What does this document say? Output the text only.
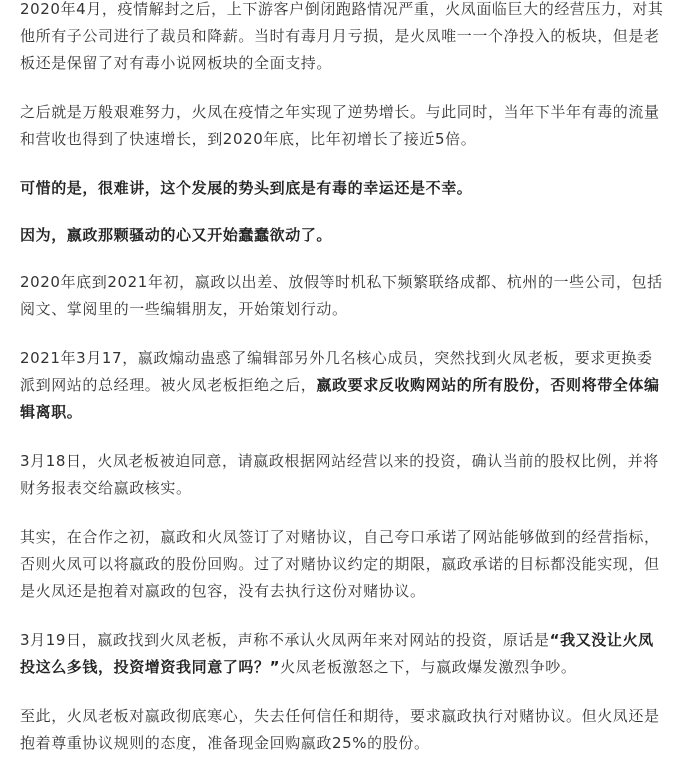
2020年4月，疫情解封之后，上下游客户倒闭跑路情况严重，火凤面临巨大的经营压力，对其他所有子公司进行了裁员和降薪。当时有毒月月亏损，是火凤唯一一个净投入的板块，但是老板还是保留了对有毒小说网板块的全面支持。

之后就是万般艰难努力，火凤在疫情之年实现了逆势增长。与此同时，当年下半年有毒的流量和营收也得到了快速增长，到2020年底，比年初增长了接近5倍。

可惜的是，很难讲，这个发展的势头到底是有毒的幸运还是不幸。

因为，嬴政那颗骚动的心又开始蠢蠢欲动了。

2020年底到2021年初，嬴政以出差、放假等时机私下频繁联络成都、杭州的一些公司，包括阅文、掌阅里的一些编辑朋友，开始策划行动。

2021年3月17，嬴政煽动蛊惑了编辑部另外几名核心成员，突然找到火凤老板，要求更换委派到网站的总经理。被火凤老板拒绝之后，嬴政要求反收购网站的所有股份，否则将带全体编辑离职。

3月18日，火凤老板被迫同意，请嬴政根据网站经营以来的投资，确认当前的股权比例，并将财务报表交给嬴政核实。

其实，在合作之初，嬴政和火凤签订了对赌协议，自己夸口承诺了网站能够做到的经营指标，否则火凤可以将嬴政的股份回购。过了对赌协议约定的期限，嬴政承诺的目标都没能实现，但是火凤还是抱着对嬴政的包容，没有去执行这份对赌协议。

3月19日，嬴政找到火凤老板，声称不承认火凤两年来对网站的投资，原话是“我又没让火凤投这么多钱，投资增资我同意了吗？”火凤老板激怒之下，与嬴政爆发激烈争吵。

至此，火凤老板对嬴政彻底寒心，失去任何信任和期待，要求嬴政执行对赌协议。但火凤还是抱着尊重协议规则的态度，准备现金回购嬴政25%的股份。
